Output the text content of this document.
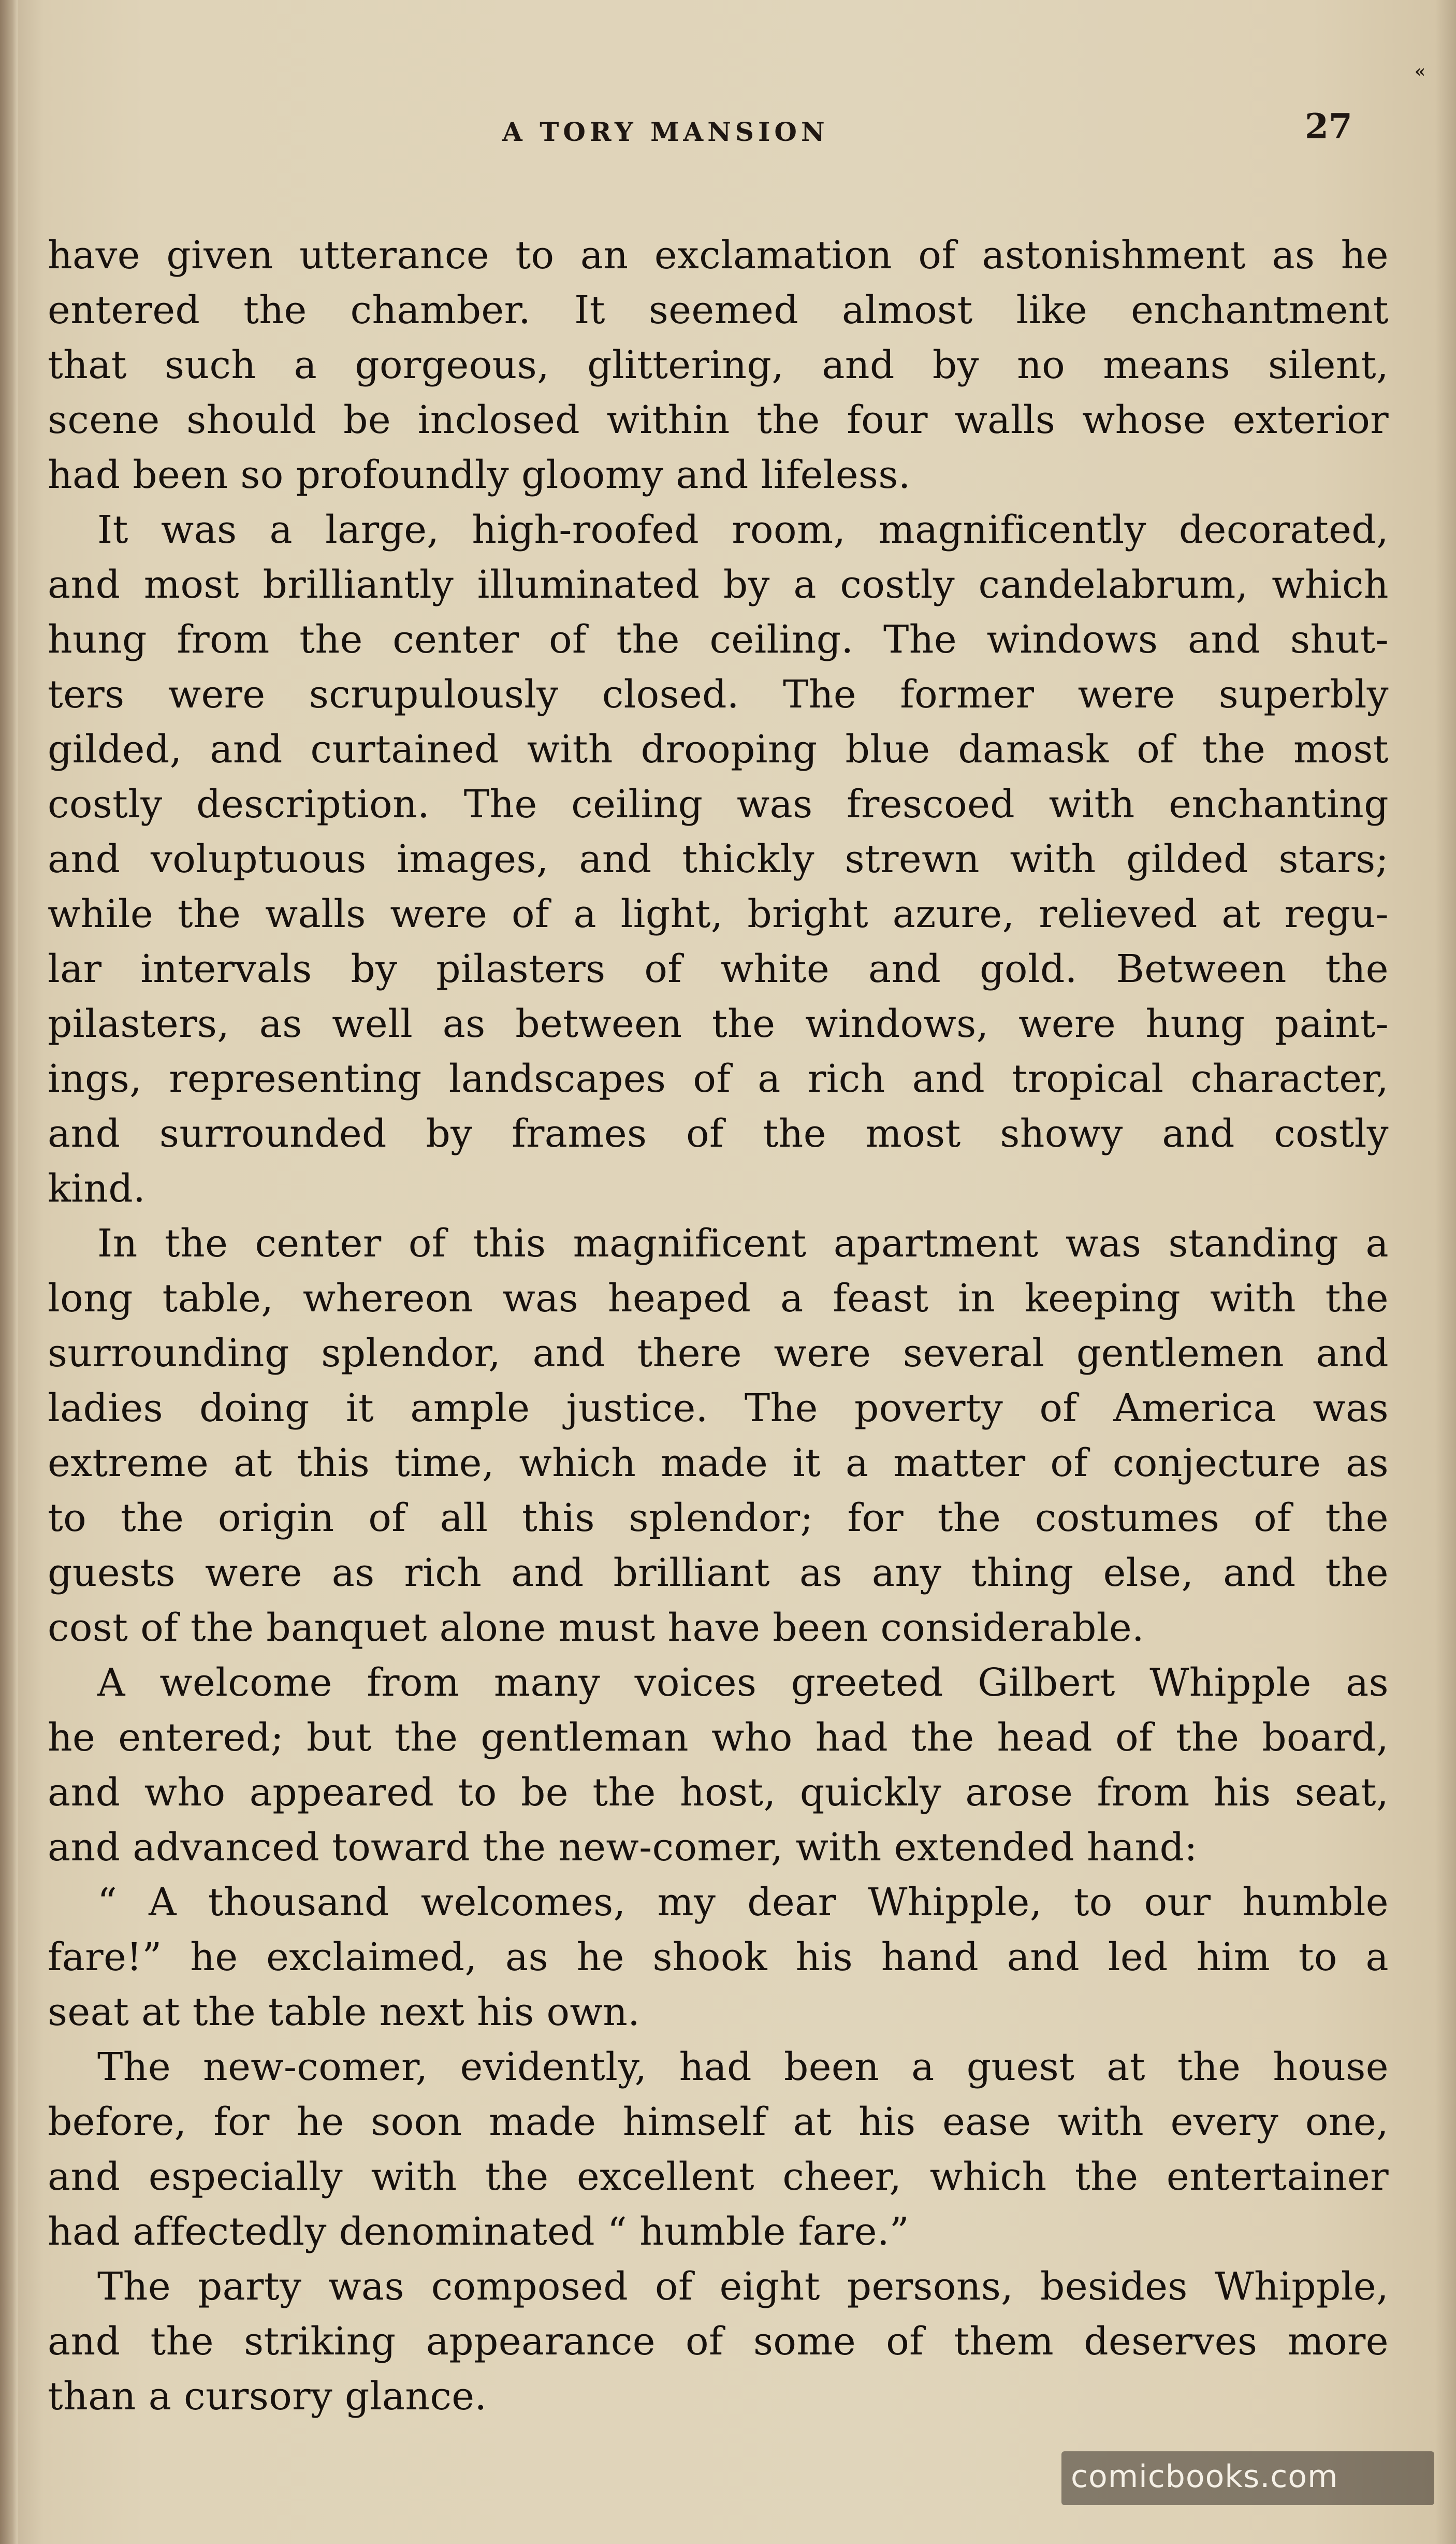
«
A TORY MANSION	27
have given utterance to an exclamation of astonishment as he
entered the chamber. It seemed almost like enchantment
that such a gorgeous, glittering, and by no means silent,
scene should be inclosed within the four walls whose exterior
had been so profoundly gloomy and lifeless.
It was a large, high-roofed room, magnificently decorated,
and most brilliantly illuminated by a costly candelabrum, which
hung from the center of the ceiling. The windows and shut-
ters were scrupulously closed. The former were superbly
gilded, and curtained with drooping blue damask of the most
costly description. The ceiling was frescoed with enchanting
and voluptuous images, and thickly strewn with gilded stars;
while the walls were of a light, bright azure, relieved at regu-
lar intervals by pilasters of white and gold. Between the
pilasters, as well as between the windows, were hung paint-
ings, representing landscapes of a rich and tropical character,
and surrounded by frames of the most showy and costly
kind.
In the center of this magnificent apartment was standing a
long table, whereon was heaped a feast in keeping with the
surrounding splendor, and there were several gentlemen and
ladies doing it ample justice. The poverty of America was
extreme at this time, which made it a matter of conjecture as
to the origin of all this splendor; for the costumes of the
guests were as rich and brilliant as any thing else, and the
cost of the banquet alone must have been considerable.
A welcome from many voices greeted Gilbert Whipple as
he entered; but the gentleman who had the head of the board,
and who appeared to be the host, quickly arose from his seat,
and advanced toward the new-comer, with extended hand:
“ A thousand welcomes, my dear Whipple, to our humble
fare!” he exclaimed, as he shook his hand and led him to a
seat at the table next his own.
The new-comer, evidently, had been a guest at the house
before, for he soon made himself at his ease with every one,
and especially with the excellent cheer, which the entertainer
had affectedly denominated “ humble fare.”
The party was composed of eight persons, besides Whipple,
and the striking appearance of some of them deserves more
than a cursory glance.
comicbooks.com
